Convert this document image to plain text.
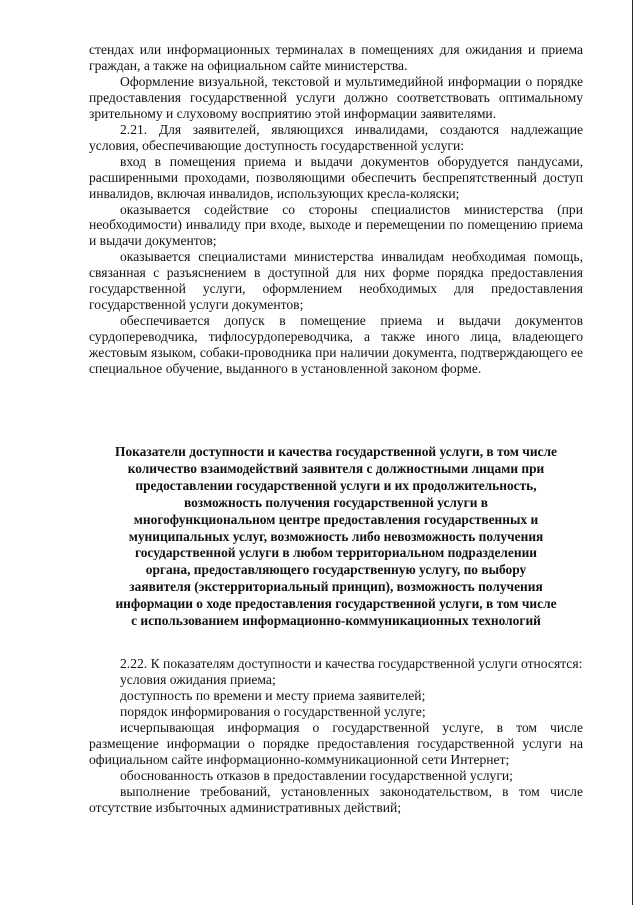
стендах или информационных терминалах в помещениях для ожидания и приема граждан, а также на официальном сайте министерства.

Оформление визуальной, текстовой и мультимедийной информации о порядке предоставления государственной услуги должно соответствовать оптимальному зрительному и слуховому восприятию этой информации заявителями.

2.21. Для заявителей, являющихся инвалидами, создаются надлежащие условия, обеспечивающие доступность государственной услуги:

вход в помещения приема и выдачи документов оборудуется пандусами, расширенными проходами, позволяющими обеспечить беспрепятственный доступ инвалидов, включая инвалидов, использующих кресла-коляски;

оказывается содействие со стороны специалистов министерства (при необходимости) инвалиду при входе, выходе и перемещении по помещению приема и выдачи документов;

оказывается специалистами министерства инвалидам необходимая помощь, связанная с разъяснением в доступной для них форме порядка предоставления государственной услуги, оформлением необходимых для предоставления государственной услуги документов;

обеспечивается допуск в помещение приема и выдачи документов сурдопереводчика, тифлосурдопереводчика, а также иного лица, владеющего жестовым языком, собаки-проводника при наличии документа, подтверждающего ее специальное обучение, выданного в установленной законом форме.

Показатели доступности и качества государственной услуги, в том числе
количество взаимодействий заявителя с должностными лицами при
предоставлении государственной услуги и их продолжительность,
возможность получения государственной услуги в
многофункциональном центре предоставления государственных и
муниципальных услуг, возможность либо невозможность получения
государственной услуги в любом территориальном подразделении
органа, предоставляющего государственную услугу, по выбору
заявителя (экстерриториальный принцип), возможность получения
информации о ходе предоставления государственной услуги, в том числе
с использованием информационно-коммуникационных технологий

2.22. К показателям доступности и качества государственной услуги относятся:

условия ожидания приема;

доступность по времени и месту приема заявителей;

порядок информирования о государственной услуге;

исчерпывающая информация о государственной услуге, в том числе размещение информации о порядке предоставления государственной услуги на официальном сайте информационно-коммуникационной сети Интернет;

обоснованность отказов в предоставлении государственной услуги;

выполнение требований, установленных законодательством, в том числе отсутствие избыточных административных действий;
